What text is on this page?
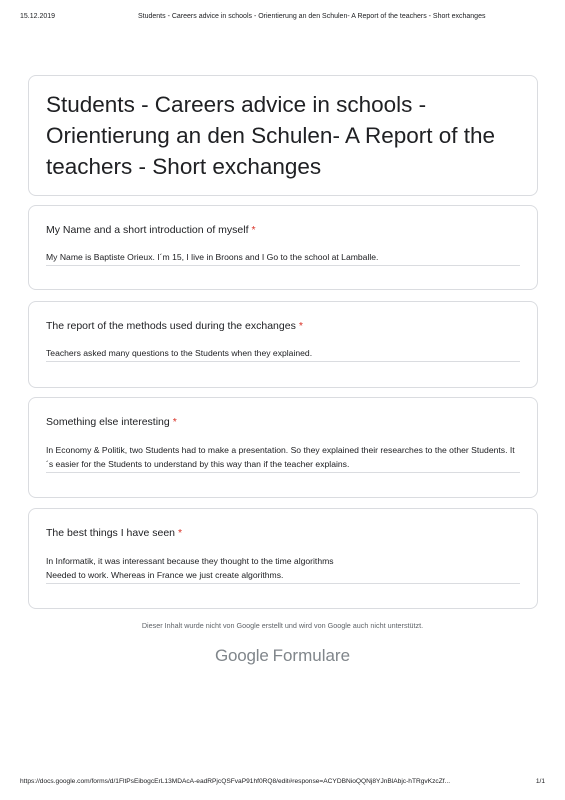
15.12.2019	Students - Careers advice in schools - Orientierung an den Schulen- A Report of the teachers - Short exchanges
Students - Careers advice in schools - Orientierung an den Schulen- A Report of the teachers - Short exchanges
My Name and a short introduction of myself *
My Name is Baptiste Orieux. I´m 15, I live in Broons and I Go to the school at Lamballe.
The report of the methods used during the exchanges *
Teachers asked many questions to the Students when they explained.
Something else interesting *
In Economy & Politik, two Students had to make a presentation. So they explained their researches to the other Students. It´s easier for the Students to understand by this way than if the teacher explains.
The best things I have seen *
In Informatik, it was interessant because they thought to the time algorithms
Needed to work. Whereas in France we just create algorithms.
Dieser Inhalt wurde nicht von Google erstellt und wird von Google auch nicht unterstützt.
Google Formulare
https://docs.google.com/forms/d/1FltPsEibogcErL13MDAcA-eadRPjcQSFvaP91hf0RQ8/edit#response=ACYDBNioQQNj8YJnBlAbjc-hTRgvKzcZf...	1/1
